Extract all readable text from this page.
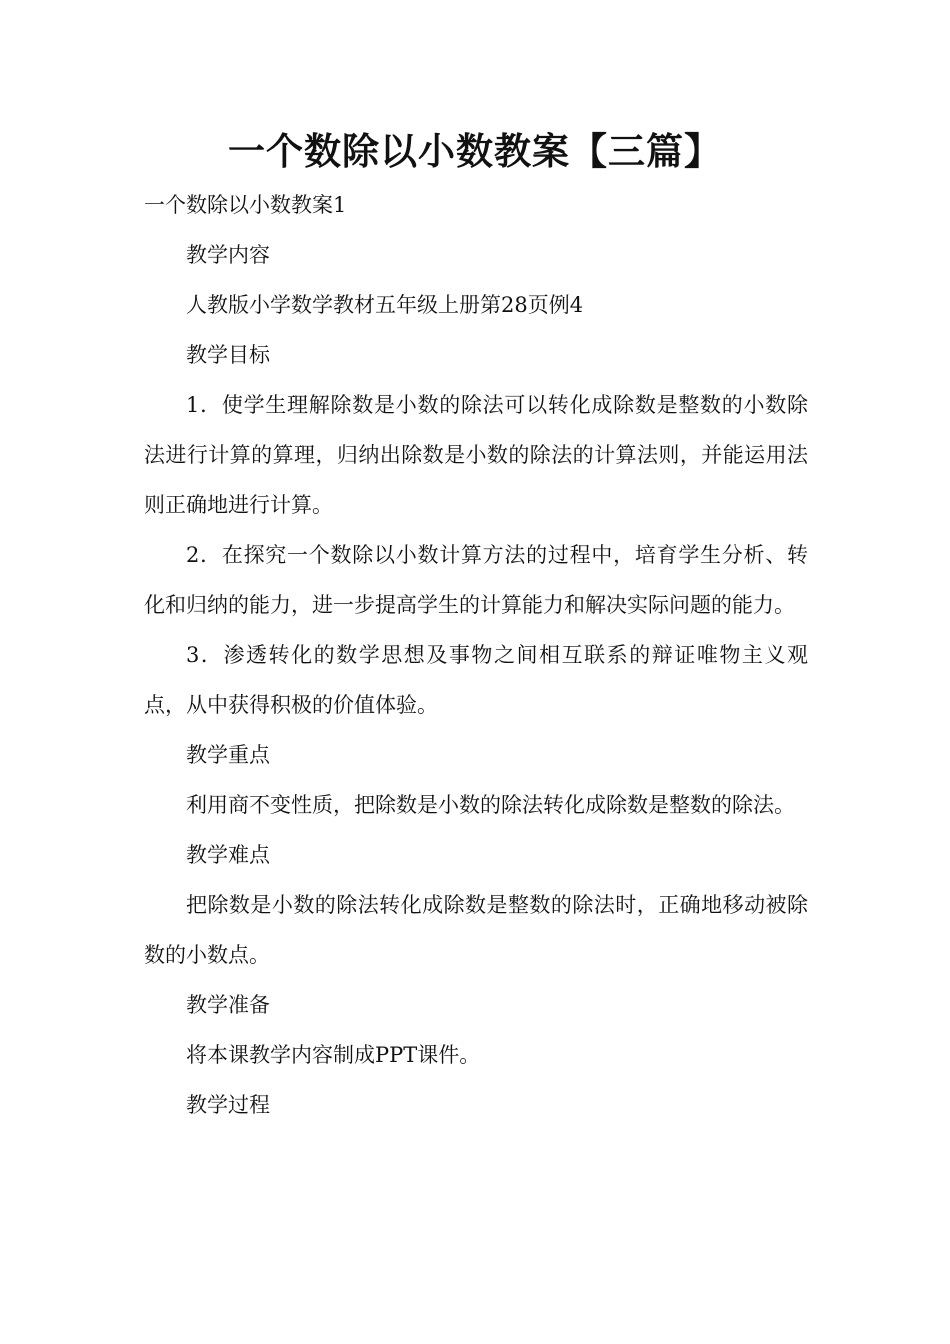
一个数除以小数教案【三篇】

一个数除以小数教案1

教学内容

人教版小学数学教材五年级上册第28页例4

教学目标

1．使学生理解除数是小数的除法可以转化成除数是整数的小数除法进行计算的算理，归纳出除数是小数的除法的计算法则，并能运用法则正确地进行计算。

2．在探究一个数除以小数计算方法的过程中，培育学生分析、转化和归纳的能力，进一步提高学生的计算能力和解决实际问题的能力。

3．渗透转化的数学思想及事物之间相互联系的辩证唯物主义观点，从中获得积极的价值体验。

教学重点

利用商不变性质，把除数是小数的除法转化成除数是整数的除法。

教学难点

把除数是小数的除法转化成除数是整数的除法时，正确地移动被除数的小数点。

教学准备

将本课教学内容制成PPT课件。

教学过程
